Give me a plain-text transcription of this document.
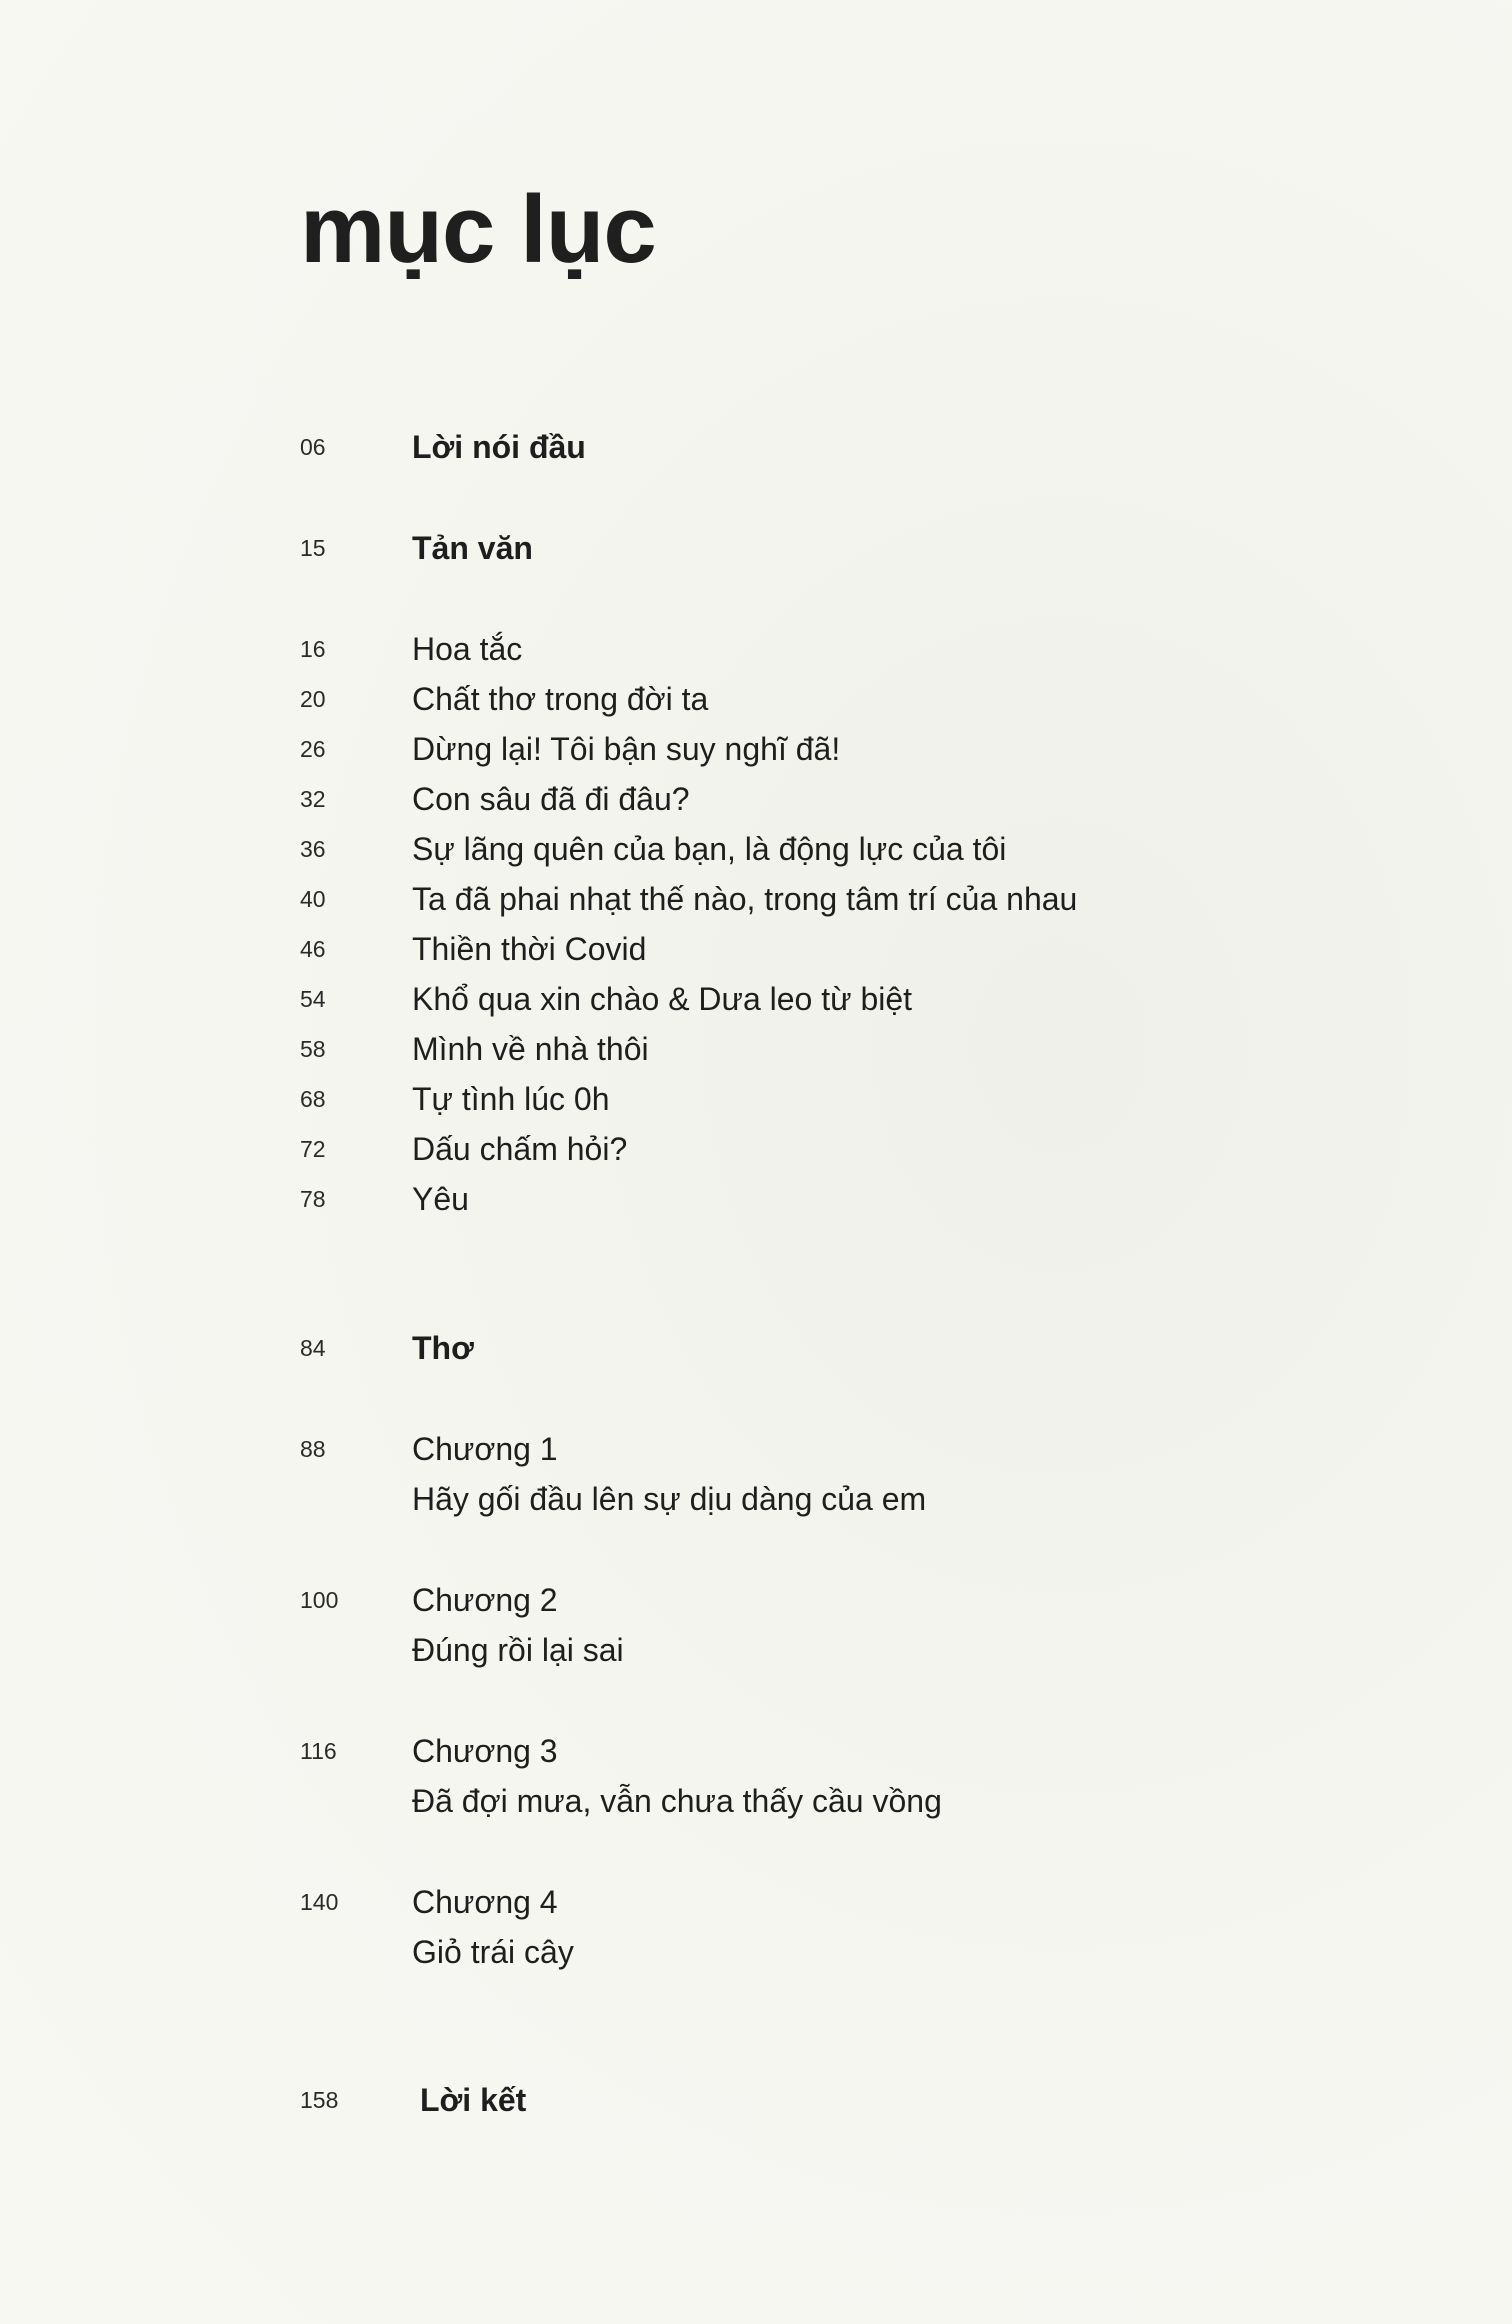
mục lục
06	Lời nói đầu
15	Tản văn
16	Hoa tắc
20	Chất thơ trong đời ta
26	Dừng lại! Tôi bận suy nghĩ đã!
32	Con sâu đã đi đâu?
36	Sự lãng quên của bạn, là động lực của tôi
40	Ta đã phai nhạt thế nào, trong tâm trí của nhau
46	Thiền thời Covid
54	Khổ qua xin chào & Dưa leo từ biệt
58	Mình về nhà thôi
68	Tự tình lúc 0h
72	Dấu chấm hỏi?
78	Yêu
84	Thơ
88	Chương 1
Hãy gối đầu lên sự dịu dàng của em
100	Chương 2
Đúng rồi lại sai
116	Chương 3
Đã đợi mưa, vẫn chưa thấy cầu vồng
140	Chương 4
Giỏ trái cây
158	Lời kết
